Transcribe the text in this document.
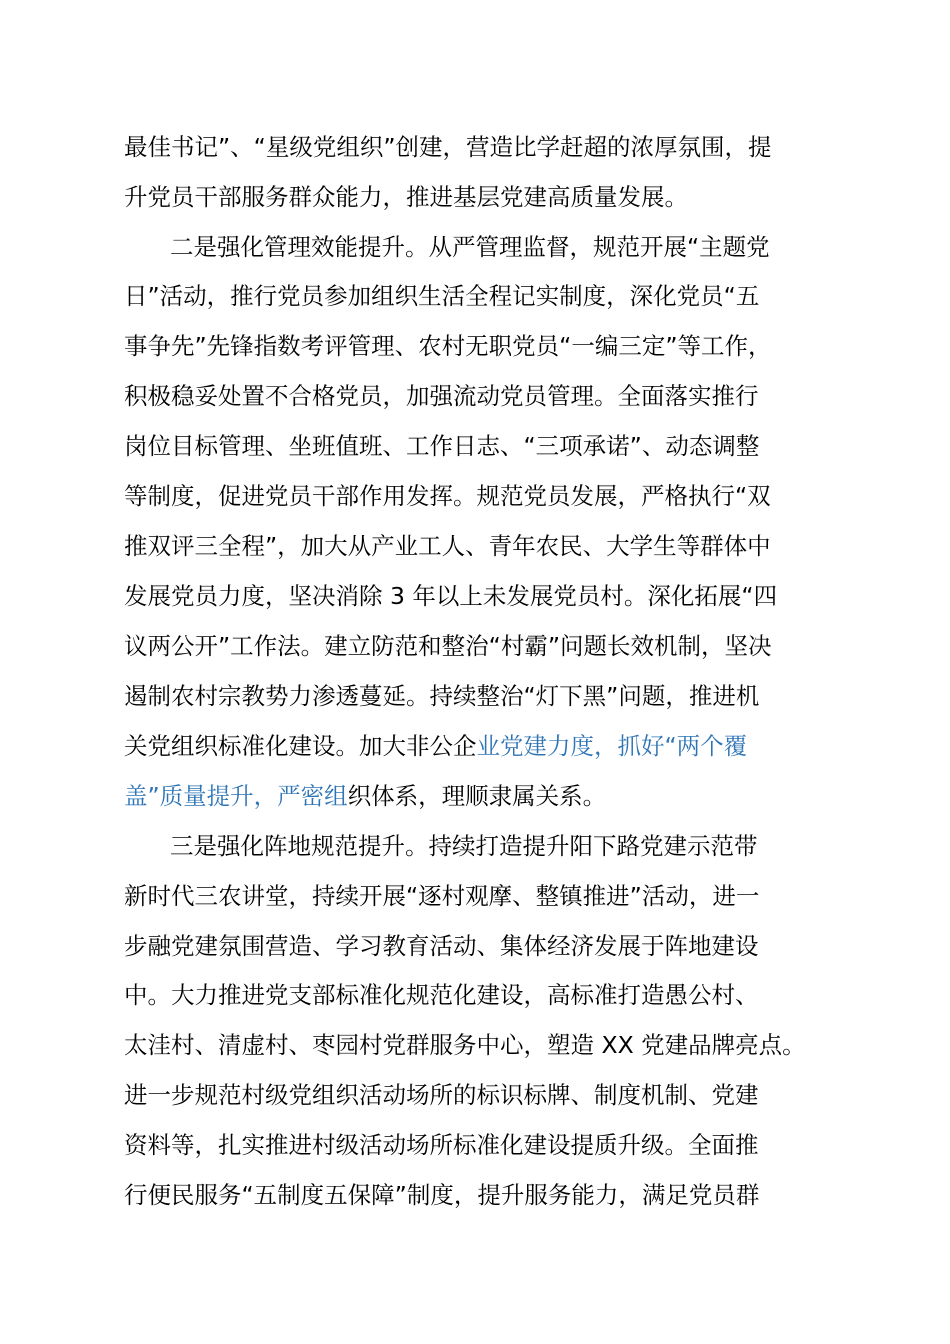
最佳书记”、“星级党组织”创建，营造比学赶超的浓厚氛围，提
升党员干部服务群众能力，推进基层党建高质量发展。
二是强化管理效能提升。从严管理监督，规范开展“主题党
日”活动，推行党员参加组织生活全程记实制度，深化党员“五
事争先”先锋指数考评管理、农村无职党员“一编三定”等工作，
积极稳妥处置不合格党员，加强流动党员管理。全面落实推行
岗位目标管理、坐班值班、工作日志、“三项承诺”、动态调整
等制度，促进党员干部作用发挥。规范党员发展，严格执行“双
推双评三全程”，加大从产业工人、青年农民、大学生等群体中
发展党员力度，坚决消除 3 年以上未发展党员村。深化拓展“四
议两公开”工作法。建立防范和整治“村霸”问题长效机制，坚决
遏制农村宗教势力渗透蔓延。持续整治“灯下黑”问题，推进机
关党组织标准化建设。加大非公企业党建力度，抓好“两个覆
盖”质量提升，严密组织体系，理顺隶属关系。
三是强化阵地规范提升。持续打造提升阳下路党建示范带
新时代三农讲堂，持续开展“逐村观摩、整镇推进”活动，进一
步融党建氛围营造、学习教育活动、集体经济发展于阵地建设
中。大力推进党支部标准化规范化建设，高标准打造愚公村、
太洼村、清虚村、枣园村党群服务中心，塑造 XX 党建品牌亮点。
进一步规范村级党组织活动场所的标识标牌、制度机制、党建
资料等，扎实推进村级活动场所标准化建设提质升级。全面推
行便民服务“五制度五保障”制度，提升服务能力，满足党员群
